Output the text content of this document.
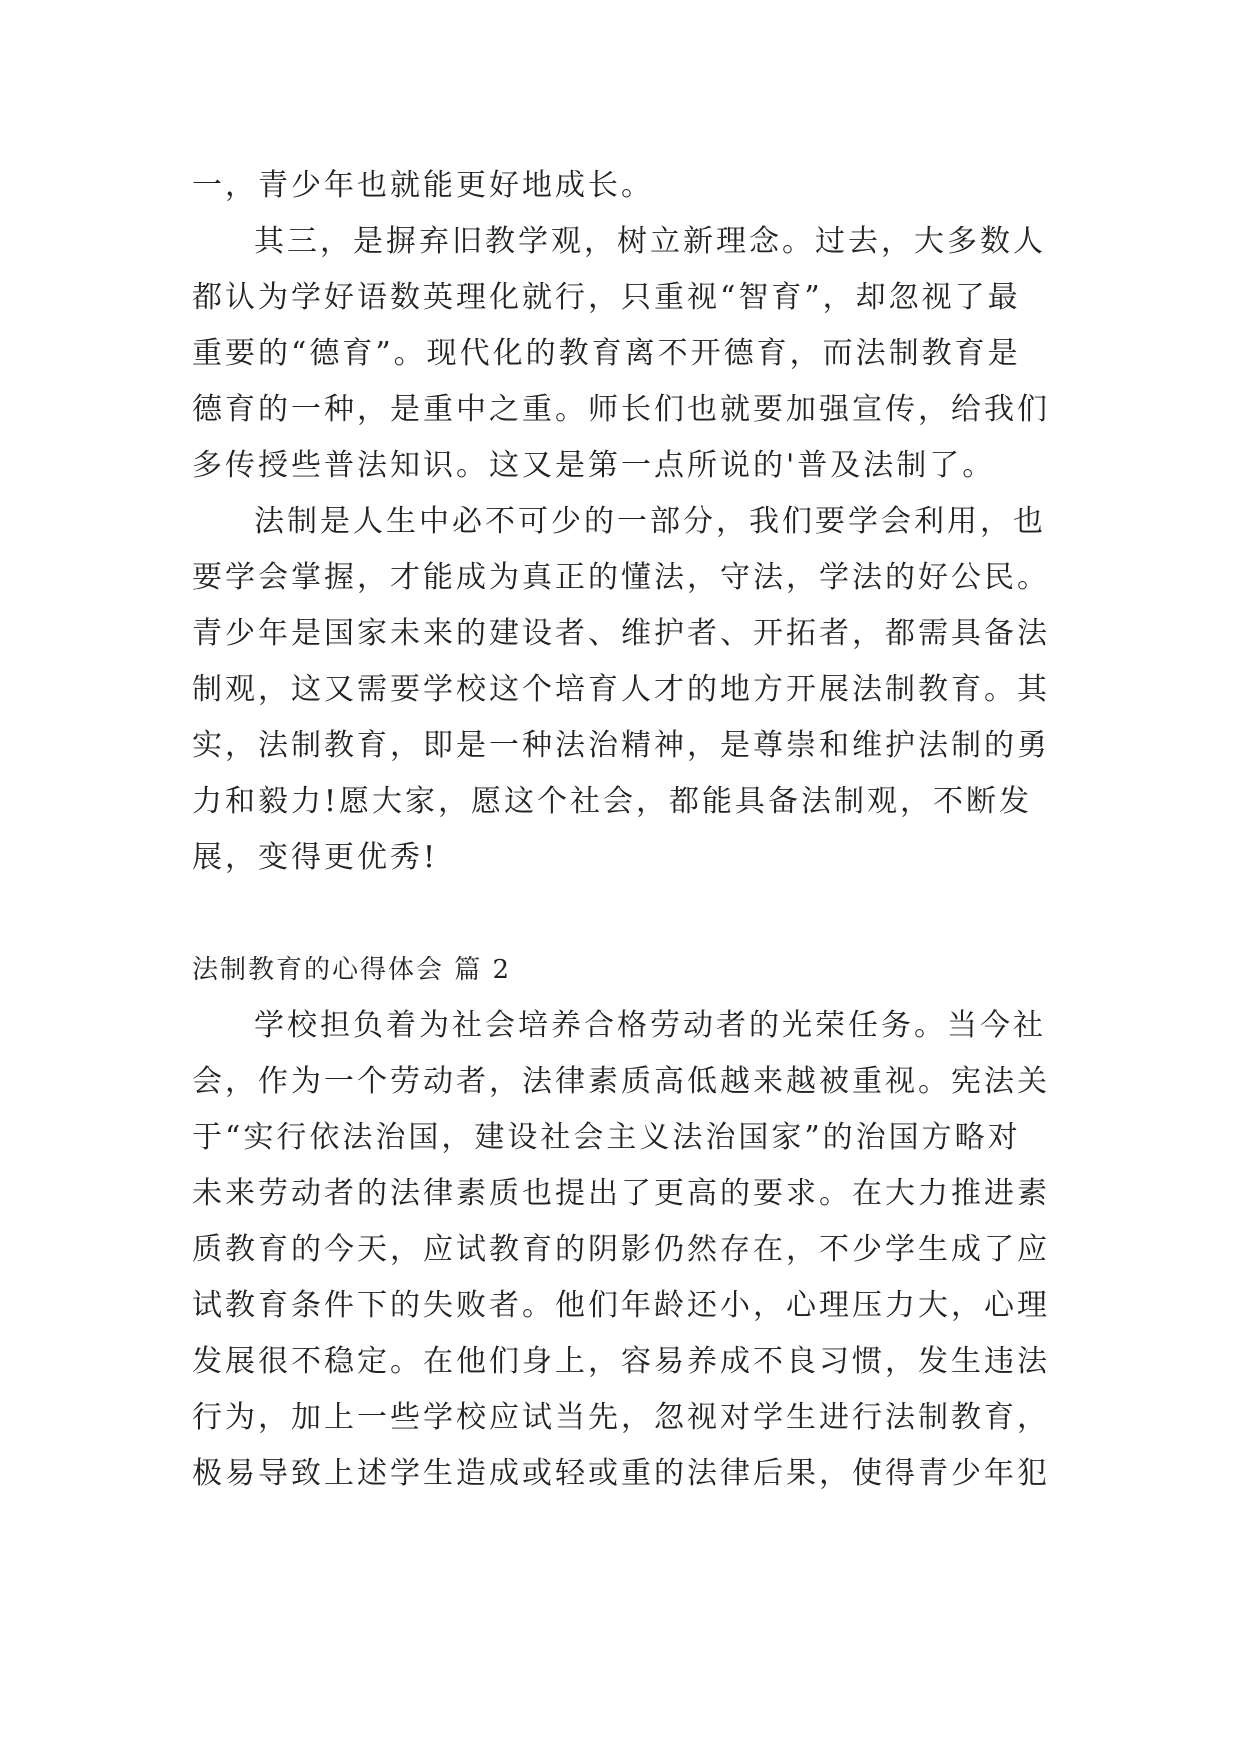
一，青少年也就能更好地成长。
其三，是摒弃旧教学观，树立新理念。过去，大多数人
都认为学好语数英理化就行，只重视“智育”，却忽视了最
重要的“德育”。现代化的教育离不开德育，而法制教育是
德育的一种，是重中之重。师长们也就要加强宣传，给我们
多传授些普法知识。这又是第一点所说的'普及法制了。
法制是人生中必不可少的一部分，我们要学会利用，也
要学会掌握，才能成为真正的懂法，守法，学法的好公民。
青少年是国家未来的建设者、维护者、开拓者，都需具备法
制观，这又需要学校这个培育人才的地方开展法制教育。其
实，法制教育，即是一种法治精神，是尊崇和维护法制的勇
力和毅力!愿大家，愿这个社会，都能具备法制观，不断发
展，变得更优秀!
法制教育的心得体会 篇 2
学校担负着为社会培养合格劳动者的光荣任务。当今社
会，作为一个劳动者，法律素质高低越来越被重视。宪法关
于“实行依法治国，建设社会主义法治国家”的治国方略对
未来劳动者的法律素质也提出了更高的要求。在大力推进素
质教育的今天，应试教育的阴影仍然存在，不少学生成了应
试教育条件下的失败者。他们年龄还小，心理压力大，心理
发展很不稳定。在他们身上，容易养成不良习惯，发生违法
行为，加上一些学校应试当先，忽视对学生进行法制教育，
极易导致上述学生造成或轻或重的法律后果，使得青少年犯
